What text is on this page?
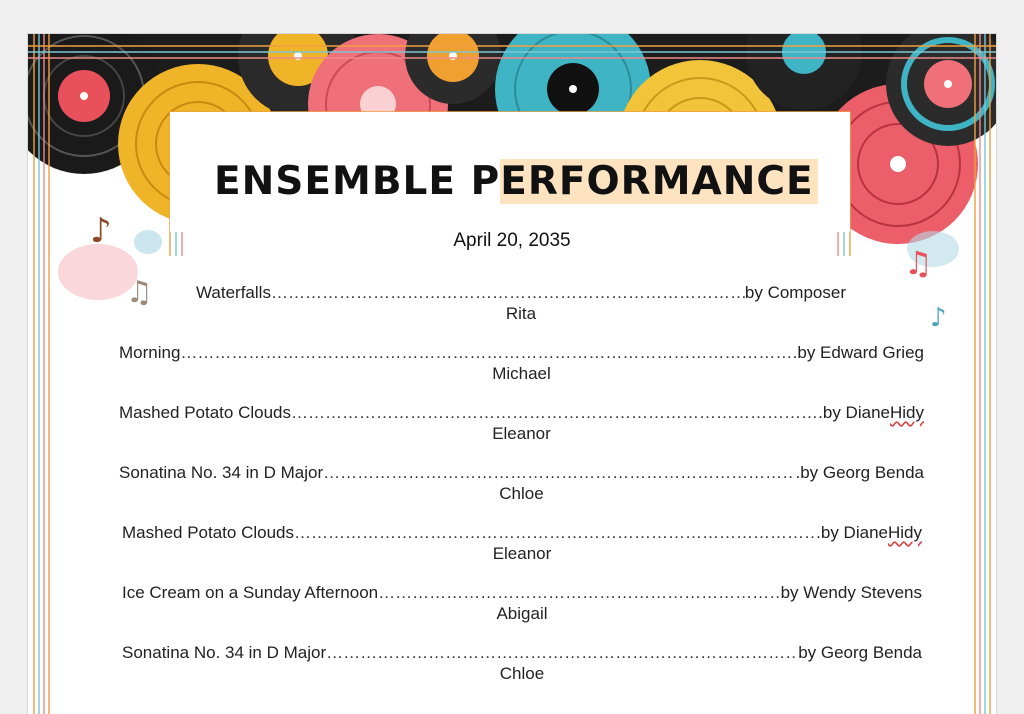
♪
♫
♫
♪
ENSEMBLE PERFORMANCE
April 20, 2035
Waterfalls ……………………………………………………………………………………………………………………………………	by Composer
Rita
Morning ……………………………………………………………………………………………………………………………………	.by Edward Grieg
Michael
Mashed Potato Clouds ……………………………………………………………………………………………………………………………………	.by Diane Hidy
Eleanor
Sonatina No. 34 in D Major ……………………………………………………………………………………………………………………………………	.by Georg Benda
Chloe
Mashed Potato Clouds ……………………………………………………………………………………………………………………………………	.by Diane Hidy
Eleanor
Ice Cream on a Sunday Afternoon ……………………………………………………………………………………………………………………………………	by Wendy Stevens
Abigail
Sonatina No. 34 in D Major ……………………………………………………………………………………………………………………………………	by Georg Benda
Chloe
